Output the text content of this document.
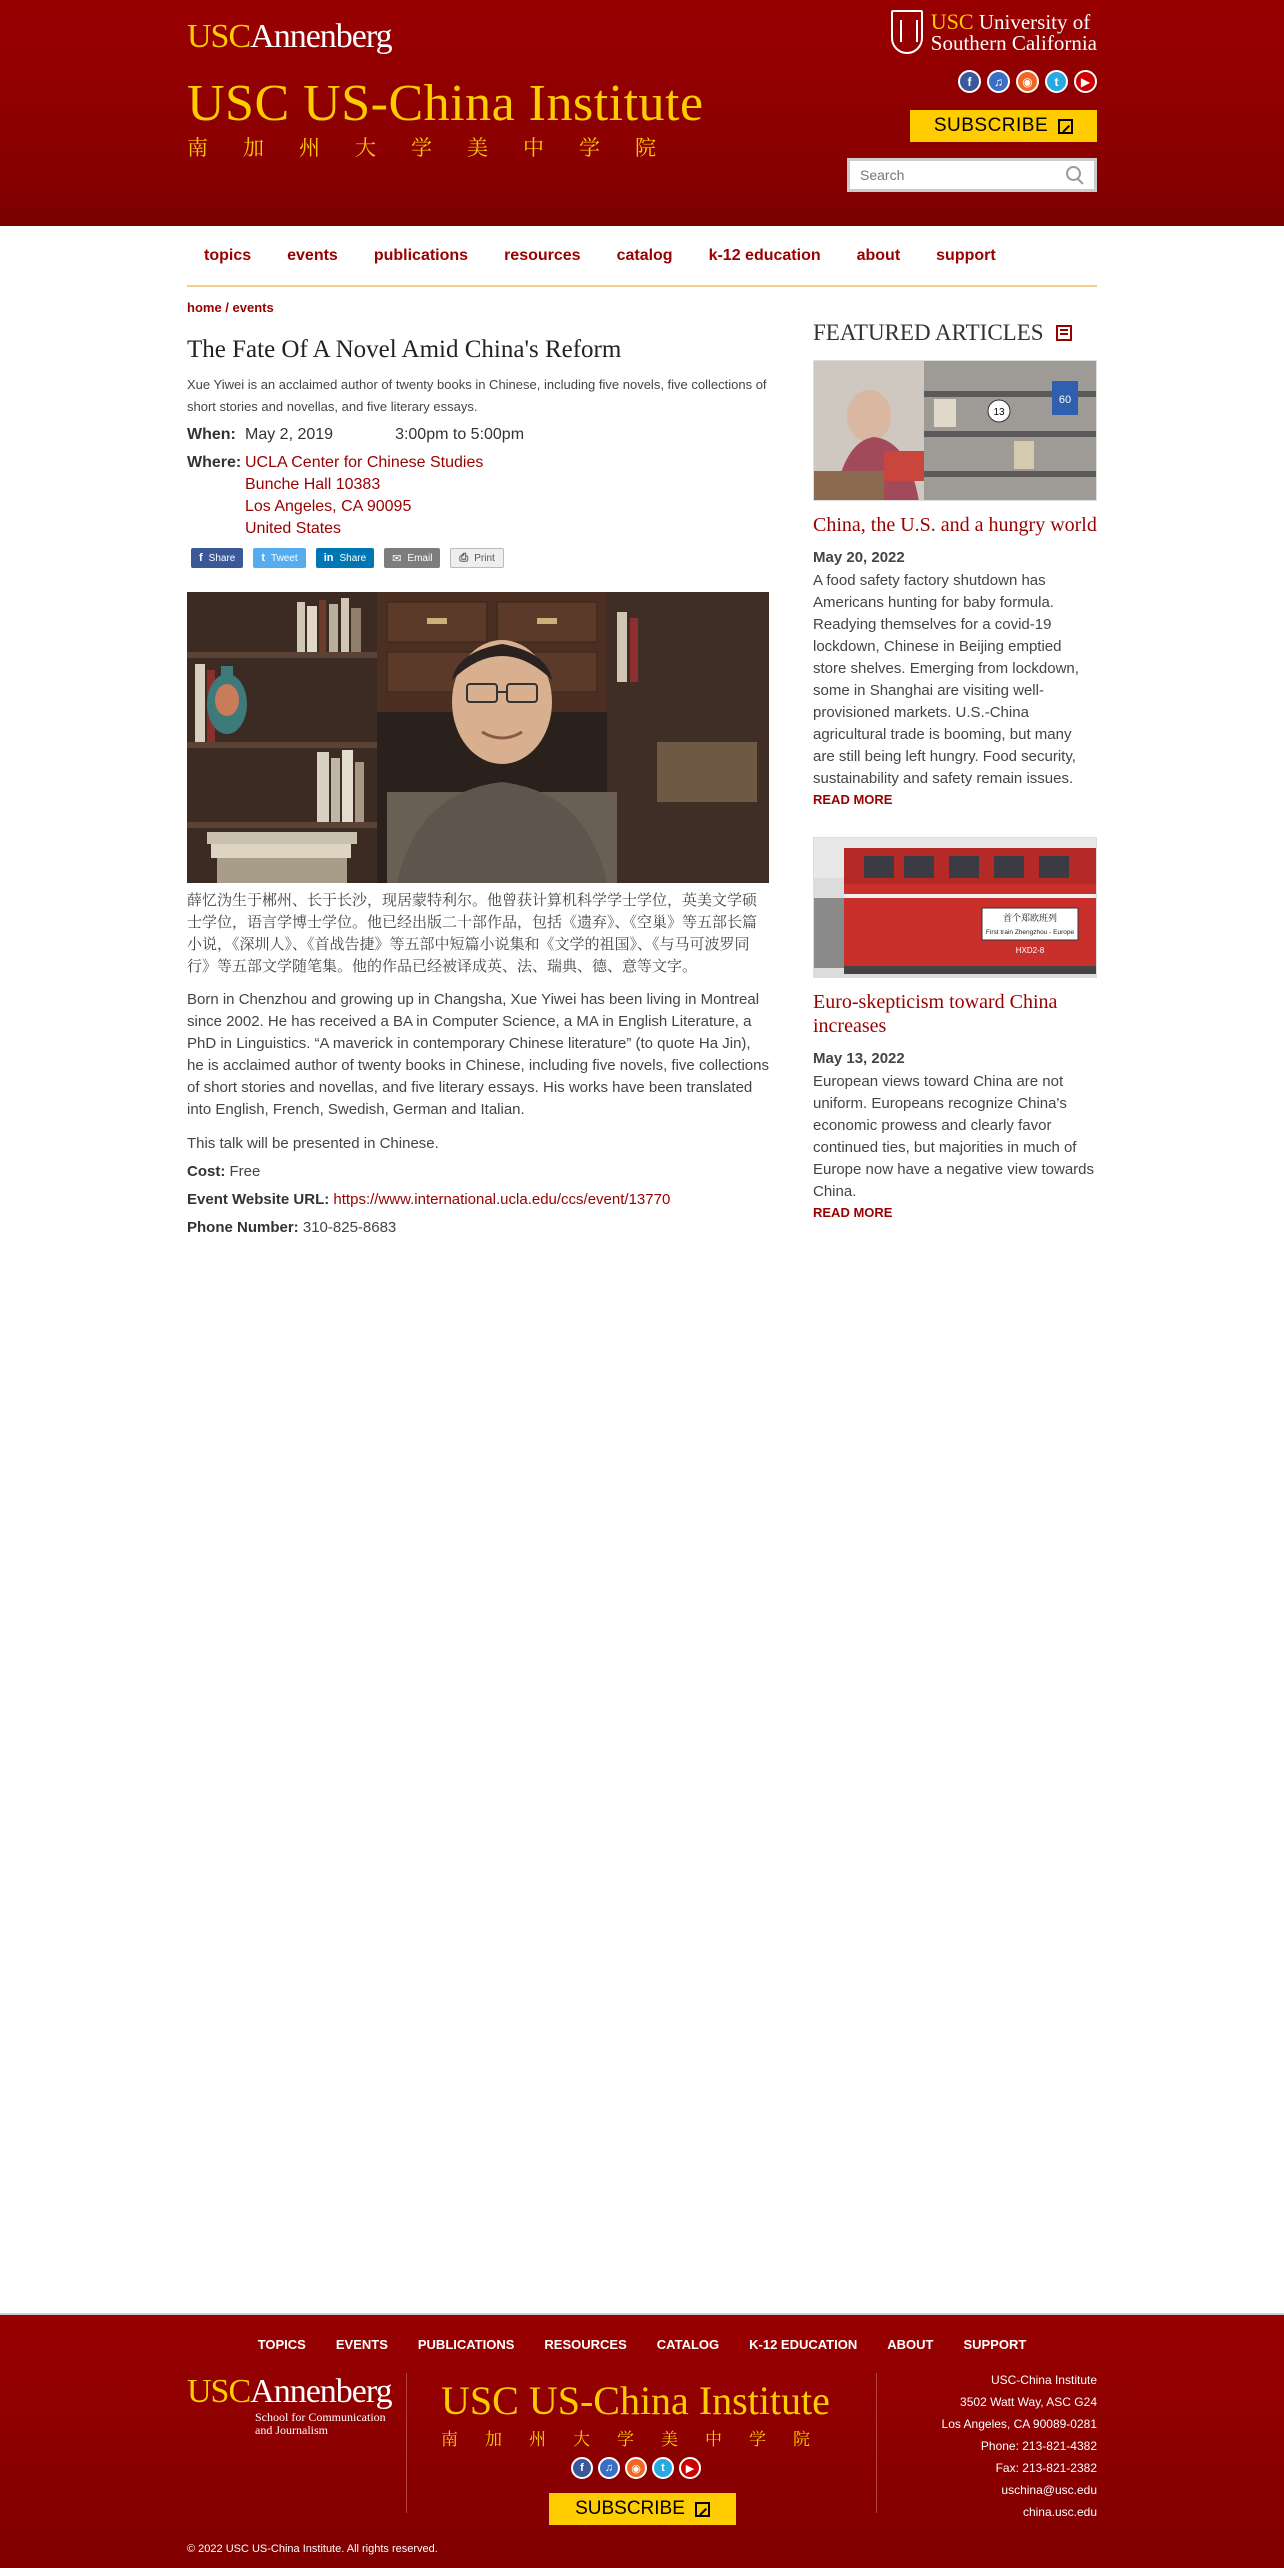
USC Annenberg
USC US-China Institute
南加州大学美中学院
USC University of
Southern California
f	♫	◉	t	▶
SUBSCRIBE
Search
topics	events	publications	resources	catalog	k-12 education	about	support
home / events
The Fate Of A Novel Amid China's Reform

Xue Yiwei is an acclaimed author of twenty books in Chinese, including five novels, five collections of short stories and novellas, and five literary essays.

When: May 2, 2019	3:00pm to 5:00pm
Where: UCLA Center for Chinese Studies
Bunche Hall 10383
Los Angeles, CA 90095
United States
f Share t Tweet in Share ✉ Email ⎙ Print

薛忆沩生于郴州、长于长沙，现居蒙特利尔。他曾获计算机科学学士学位，英美文学硕士学位，语言学博士学位。他已经出版二十部作品，包括《遗弃》、《空巢》等五部长篇小说，《深圳人》、《首战告捷》等五部中短篇小说集和《文学的祖国》、《与马可波罗同行》等五部文学随笔集。他的作品已经被译成英、法、瑞典、德、意等文字。

Born in Chenzhou and growing up in Changsha, Xue Yiwei has been living in Montreal since 2002. He has received a BA in Computer Science, a MA in English Literature, a PhD in Linguistics. “A maverick in contemporary Chinese literature” (to quote Ha Jin), he is acclaimed author of twenty books in Chinese, including five novels, five collections of short stories and novellas, and five literary essays. His works have been translated into English, French, Swedish, German and Italian.

This talk will be presented in Chinese.

Cost: Free
Event Website URL: https://www.international.ucla.edu/ccs/event/13770
Phone Number: 310-825-8683
FEATURED ARTICLES
13
60
China, the U.S. and a hungry world
May 20, 2022

A food safety factory shutdown has Americans hunting for baby formula. Readying themselves for a covid-19 lockdown, Chinese in Beijing emptied store shelves. Emerging from lockdown, some in Shanghai are visiting well-provisioned markets. U.S.-China agricultural trade is booming, but many are still being left hungry. Food security, sustainability and safety remain issues.

READ MORE
首个郑欧班列
First train Zhengzhou - Europe
HXD2-8
Euro-skepticism toward China increases
May 13, 2022

European views toward China are not uniform. Europeans recognize China's economic prowess and clearly favor continued ties, but majorities in much of Europe now have a negative view towards China.

READ MORE
TOPICS EVENTS PUBLICATIONS RESOURCES CATALOG K-12 EDUCATION ABOUT SUPPORT
USCAnnenberg
School for Communication
and Journalism
USC US-China Institute
南加州大学美中学院
f	♫	◉	t	▶
SUBSCRIBE
USC-China Institute
3502 Watt Way, ASC G24
Los Angeles, CA 90089-0281
Phone: 213-821-4382
Fax: 213-821-2382
uschina@usc.edu
china.usc.edu
© 2022 USC US-China Institute. All rights reserved.
